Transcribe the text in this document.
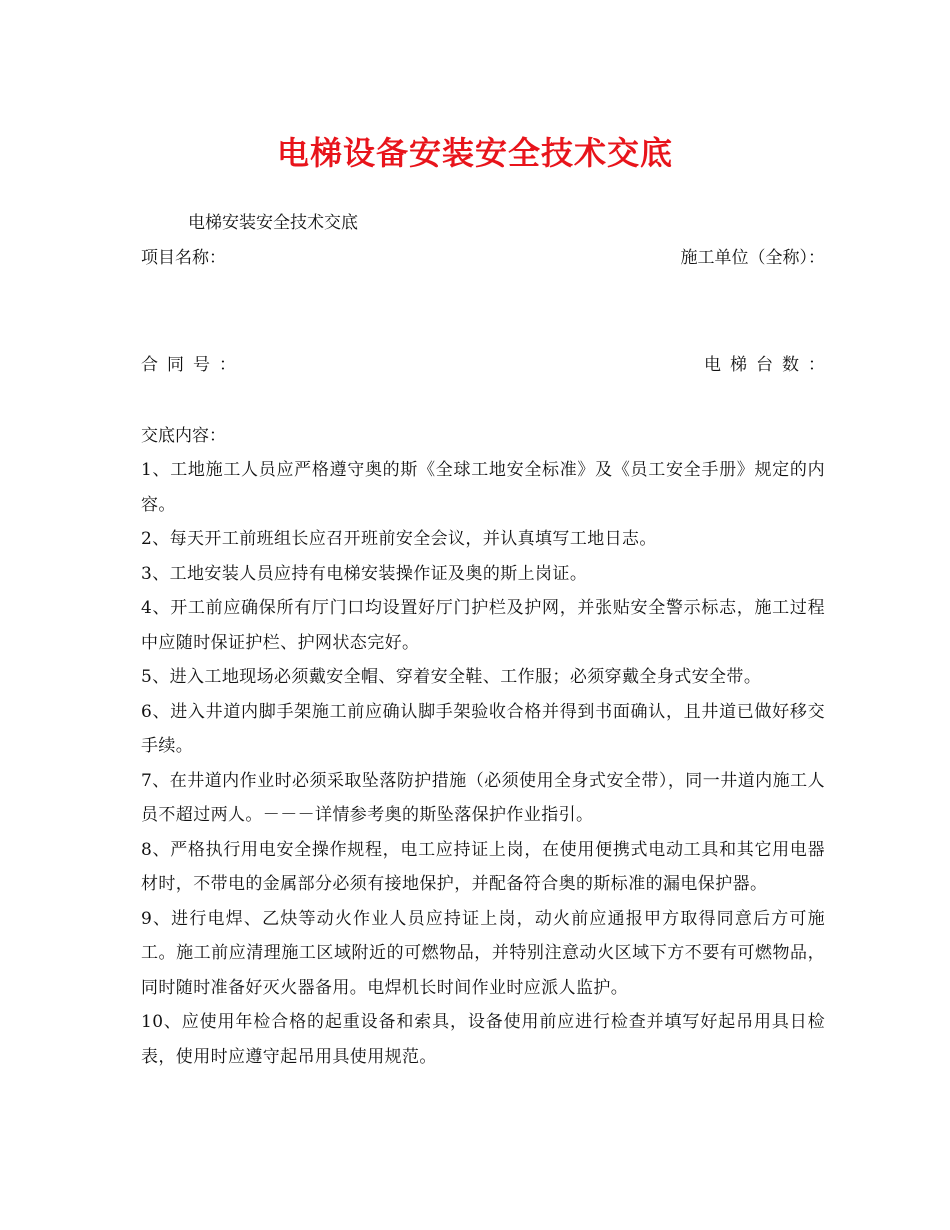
电梯设备安装安全技术交底
电梯安装安全技术交底
项目名称：	施工单位（全称）：
合同号：	电梯台数：
交底内容：
1、工地施工人员应严格遵守奥的斯《全球工地安全标准》及《员工安全手册》规定的内容。
2、每天开工前班组长应召开班前安全会议，并认真填写工地日志。
3、工地安装人员应持有电梯安装操作证及奥的斯上岗证。
4、开工前应确保所有厅门口均设置好厅门护栏及护网，并张贴安全警示标志，施工过程中应随时保证护栏、护网状态完好。
5、进入工地现场必须戴安全帽、穿着安全鞋、工作服；必须穿戴全身式安全带。
6、进入井道内脚手架施工前应确认脚手架验收合格并得到书面确认，且井道已做好移交手续。
7、在井道内作业时必须采取坠落防护措施（必须使用全身式安全带），同一井道内施工人员不超过两人。－－－详情参考奥的斯坠落保护作业指引。
8、严格执行用电安全操作规程，电工应持证上岗，在使用便携式电动工具和其它用电器材时，不带电的金属部分必须有接地保护，并配备符合奥的斯标准的漏电保护器。
9、进行电焊、乙炔等动火作业人员应持证上岗，动火前应通报甲方取得同意后方可施工。施工前应清理施工区域附近的可燃物品，并特别注意动火区域下方不要有可燃物品，同时随时准备好灭火器备用。电焊机长时间作业时应派人监护。
10、应使用年检合格的起重设备和索具，设备使用前应进行检查并填写好起吊用具日检表，使用时应遵守起吊用具使用规范。
